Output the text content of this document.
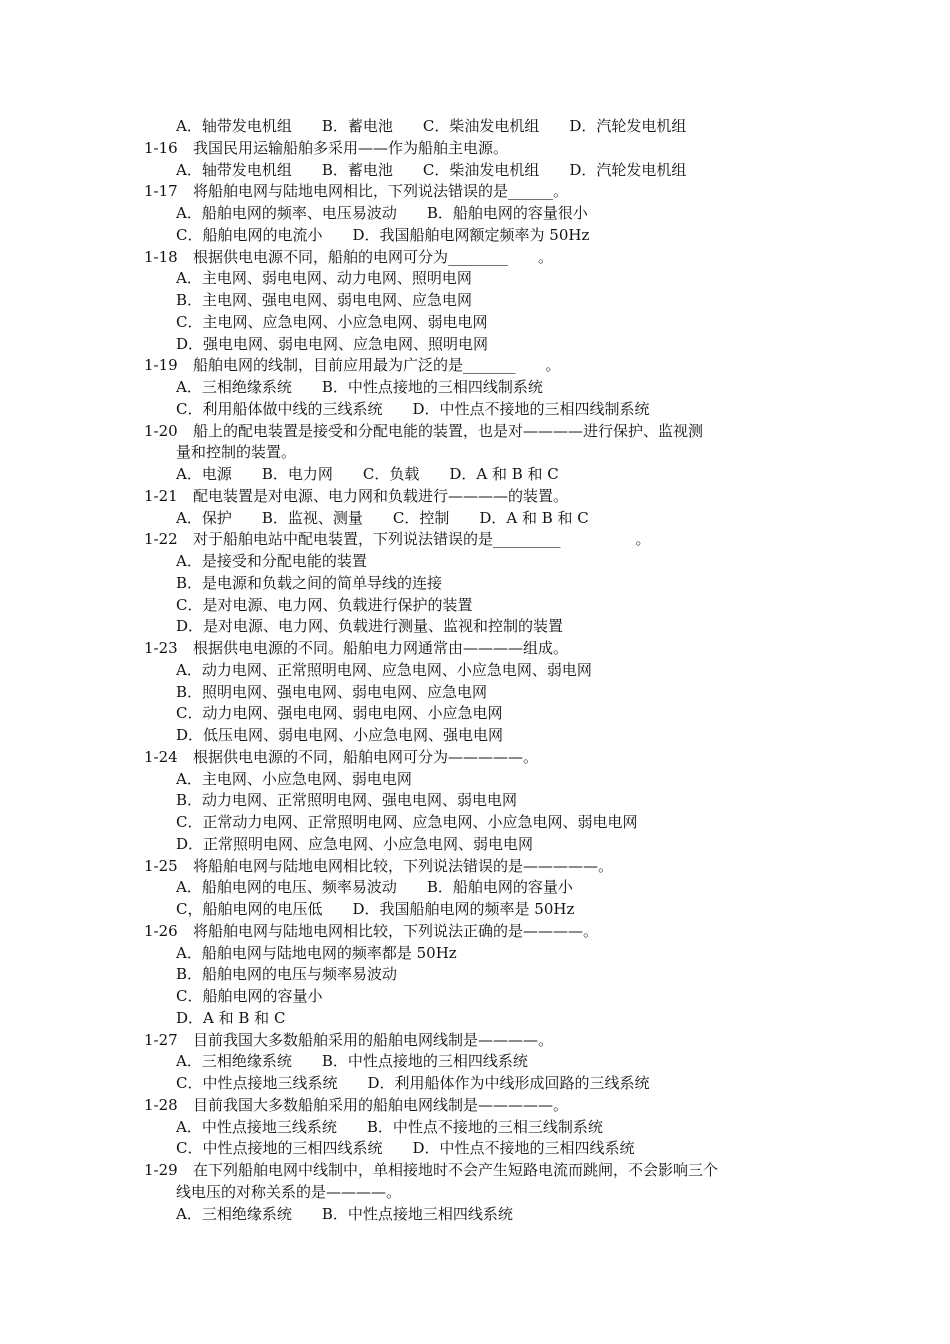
A．轴带发电机组　　B．蓄电池　　C．柴油发电机组　　D．汽轮发电机组
1-16 我国民用运输船舶多采用——作为船舶主电源。
A．轴带发电机组　　B．蓄电池　　C．柴油发电机组　　D．汽轮发电机组
1-17 将船舶电网与陆地电网相比，下列说法错误的是______。
A．船舶电网的频率、电压易波动　　B．船舶电网的容量很小
C．船舶电网的电流小　　D．我国船舶电网额定频率为 50Hz
1-18 根据供电电源不同，船舶的电网可分为________　　。
A．主电网、弱电电网、动力电网、照明电网
B．主电网、强电电网、弱电电网、应急电网
C．主电网、应急电网、小应急电网、弱电电网
D．强电电网、弱电电网、应急电网、照明电网
1-19 船舶电网的线制，目前应用最为广泛的是_______　　。
A．三相绝缘系统　　B．中性点接地的三相四线制系统
C．利用船体做中线的三线系统　　D．中性点不接地的三相四线制系统
1-20 船上的配电装置是接受和分配电能的装置，也是对————进行保护、监视测
量和控制的装置。
A．电源　　B．电力网　　C．负载　　D．A 和 B 和 C
1-21 配电装置是对电源、电力网和负载进行————的装置。
A．保护　　B．监视、测量　　C．控制　　D．A 和 B 和 C
1-22 对于船舶电站中配电装置，下列说法错误的是_________　　　　　。
A．是接受和分配电能的装置
B．是电源和负载之间的简单导线的连接
C．是对电源、电力网、负载进行保护的装置
D．是对电源、电力网、负载进行测量、监视和控制的装置
1-23 根据供电电源的不同。船舶电力网通常由————组成。
A．动力电网、正常照明电网、应急电网、小应急电网、弱电网
B．照明电网、强电电网、弱电电网、应急电网
C．动力电网、强电电网、弱电电网、小应急电网
D．低压电网、弱电电网、小应急电网、强电电网
1-24 根据供电电源的不同，船舶电网可分为—————。
A．主电网、小应急电网、弱电电网
B．动力电网、正常照明电网、强电电网、弱电电网
C．正常动力电网、正常照明电网、应急电网、小应急电网、弱电电网
D．正常照明电网、应急电网、小应急电网、弱电电网
1-25 将船舶电网与陆地电网相比较，下列说法错误的是—————。
A．船舶电网的电压、频率易波动　　B．船舶电网的容量小
C，船舶电网的电压低　　D．我国船舶电网的频率是 50Hz
1-26 将船舶电网与陆地电网相比较，下列说法正确的是————。
A．船舶电网与陆地电网的频率都是 50Hz
B．船舶电网的电压与频率易波动
C．船舶电网的容量小
D．A 和 B 和 C
1-27 目前我国大多数船舶采用的船舶电网线制是————。
A．三相绝缘系统　　B．中性点接地的三相四线系统
C．中性点接地三线系统　　D．利用船体作为中线形成回路的三线系统
1-28 目前我国大多数船舶采用的船舶电网线制是—————。
A．中性点接地三线系统　　B．中性点不接地的三相三线制系统
C．中性点接地的三相四线系统　　D．中性点不接地的三相四线系统
1-29 在下列船舶电网中线制中，单相接地时不会产生短路电流而跳闸，不会影响三个
线电压的对称关系的是————。
A．三相绝缘系统　　B．中性点接地三相四线系统
